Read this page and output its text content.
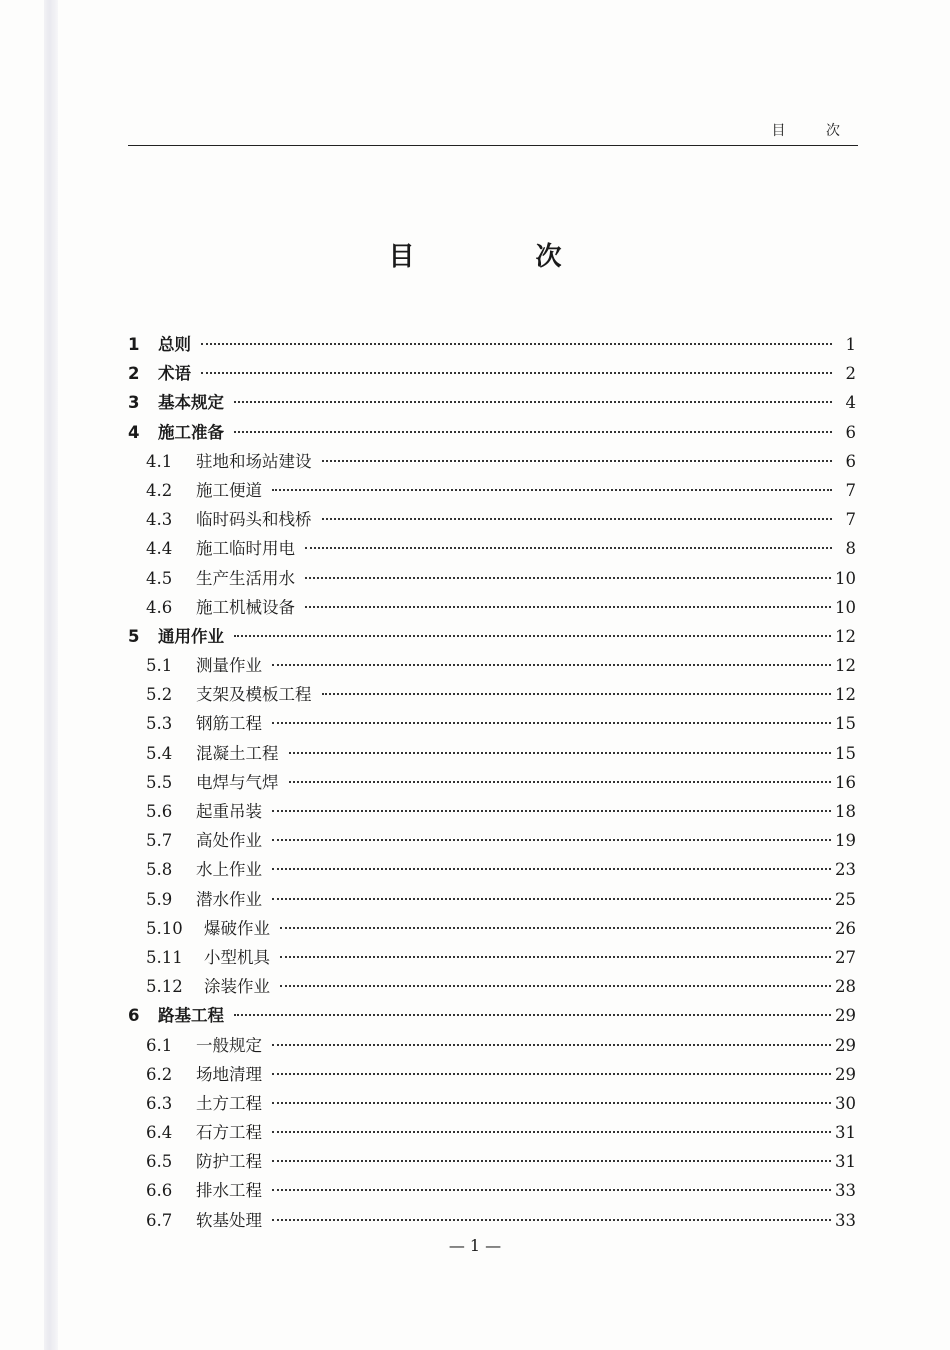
目 次
目 次
1	总则	1
2	术语	2
3	基本规定	4
4	施工准备	6
4.1	驻地和场站建设	6
4.2	施工便道	7
4.3	临时码头和栈桥	7
4.4	施工临时用电	8
4.5	生产生活用水	10
4.6	施工机械设备	10
5	通用作业	12
5.1	测量作业	12
5.2	支架及模板工程	12
5.3	钢筋工程	15
5.4	混凝土工程	15
5.5	电焊与气焊	16
5.6	起重吊装	18
5.7	高处作业	19
5.8	水上作业	23
5.9	潜水作业	25
5.10	爆破作业	26
5.11	小型机具	27
5.12	涂装作业	28
6	路基工程	29
6.1	一般规定	29
6.2	场地清理	29
6.3	土方工程	30
6.4	石方工程	31
6.5	防护工程	31
6.6	排水工程	33
6.7	软基处理	33
— 1 —
